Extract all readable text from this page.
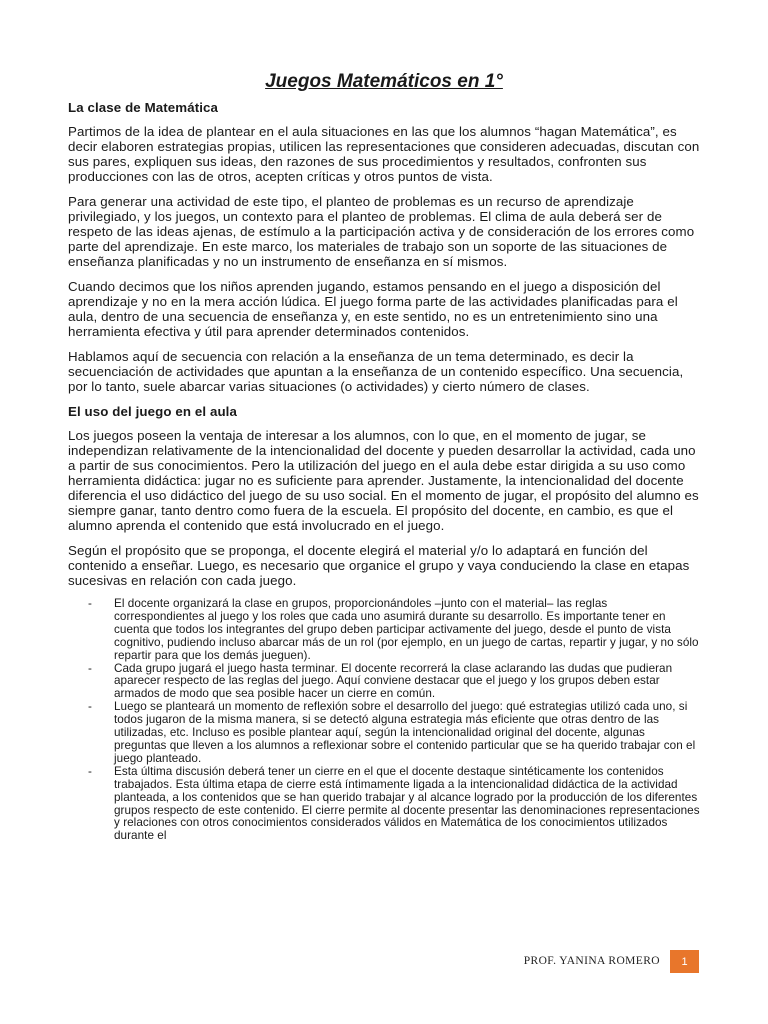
Juegos Matemáticos en 1°

La clase de Matemática

Partimos de la idea de plantear en el aula situaciones en las que los alumnos “hagan Matemática”, es decir elaboren estrategias propias, utilicen las representaciones que consideren adecuadas, discutan con sus pares, expliquen sus ideas, den razones de sus procedimientos y resultados, confronten sus producciones con las de otros, acepten críticas y otros puntos de vista.

Para generar una actividad de este tipo, el planteo de problemas es un recurso de aprendizaje privilegiado, y los juegos, un contexto para el planteo de problemas. El clima de aula deberá ser de respeto de las ideas ajenas, de estímulo a la participación activa y de consideración de los errores como parte del aprendizaje. En este marco, los materiales de trabajo son un soporte de las situaciones de enseñanza planificadas y no un instrumento de enseñanza en sí mismos.

Cuando decimos que los niños aprenden jugando, estamos pensando en el juego a disposición del aprendizaje y no en la mera acción lúdica. El juego forma parte de las actividades planificadas para el aula, dentro de una secuencia de enseñanza y, en este sentido, no es un entretenimiento sino una herramienta efectiva y útil para aprender determinados contenidos.

Hablamos aquí de secuencia con relación a la enseñanza de un tema determinado, es decir la secuenciación de actividades que apuntan a la enseñanza de un contenido específico. Una secuencia, por lo tanto, suele abarcar varias situaciones (o actividades) y cierto número de clases.

El uso del juego en el aula

Los juegos poseen la ventaja de interesar a los alumnos, con lo que, en el momento de jugar, se independizan relativamente de la intencionalidad del docente y pueden desarrollar la actividad, cada uno a partir de sus conocimientos. Pero la utilización del juego en el aula debe estar dirigida a su uso como herramienta didáctica: jugar no es suficiente para aprender. Justamente, la intencionalidad del docente diferencia el uso didáctico del juego de su uso social. En el momento de jugar, el propósito del alumno es siempre ganar, tanto dentro como fuera de la escuela. El propósito del docente, en cambio, es que el alumno aprenda el contenido que está involucrado en el juego.

Según el propósito que se proponga, el docente elegirá el material y/o lo adaptará en función del contenido a enseñar. Luego, es necesario que organice el grupo y vaya conduciendo la clase en etapas sucesivas en relación con cada juego.

- El docente organizará la clase en grupos, proporcionándoles –junto con el material– las reglas correspondientes al juego y los roles que cada uno asumirá durante su desarrollo. Es importante tener en cuenta que todos los integrantes del grupo deben participar activamente del juego, desde el punto de vista cognitivo, pudiendo incluso abarcar más de un rol (por ejemplo, en un juego de cartas, repartir y jugar, y no sólo repartir para que los demás jueguen).
- Cada grupo jugará el juego hasta terminar. El docente recorrerá la clase aclarando las dudas que pudieran aparecer respecto de las reglas del juego. Aquí conviene destacar que el juego y los grupos deben estar armados de modo que sea posible hacer un cierre en común.
- Luego se planteará un momento de reflexión sobre el desarrollo del juego: qué estrategias utilizó cada uno, si todos jugaron de la misma manera, si se detectó alguna estrategia más eficiente que otras dentro de las utilizadas, etc. Incluso es posible plantear aquí, según la intencionalidad original del docente, algunas preguntas que lleven a los alumnos a reflexionar sobre el contenido particular que se ha querido trabajar con el juego planteado.
- Esta última discusión deberá tener un cierre en el que el docente destaque sintéticamente los contenidos trabajados. Esta última etapa de cierre está íntimamente ligada a la intencionalidad didáctica de la actividad planteada, a los contenidos que se han querido trabajar y al alcance logrado por la producción de los diferentes grupos respecto de este contenido. El cierre permite al docente presentar las denominaciones representaciones y relaciones con otros conocimientos considerados válidos en Matemática de los conocimientos utilizados durante el
PROF. YANINA ROMERO	1
